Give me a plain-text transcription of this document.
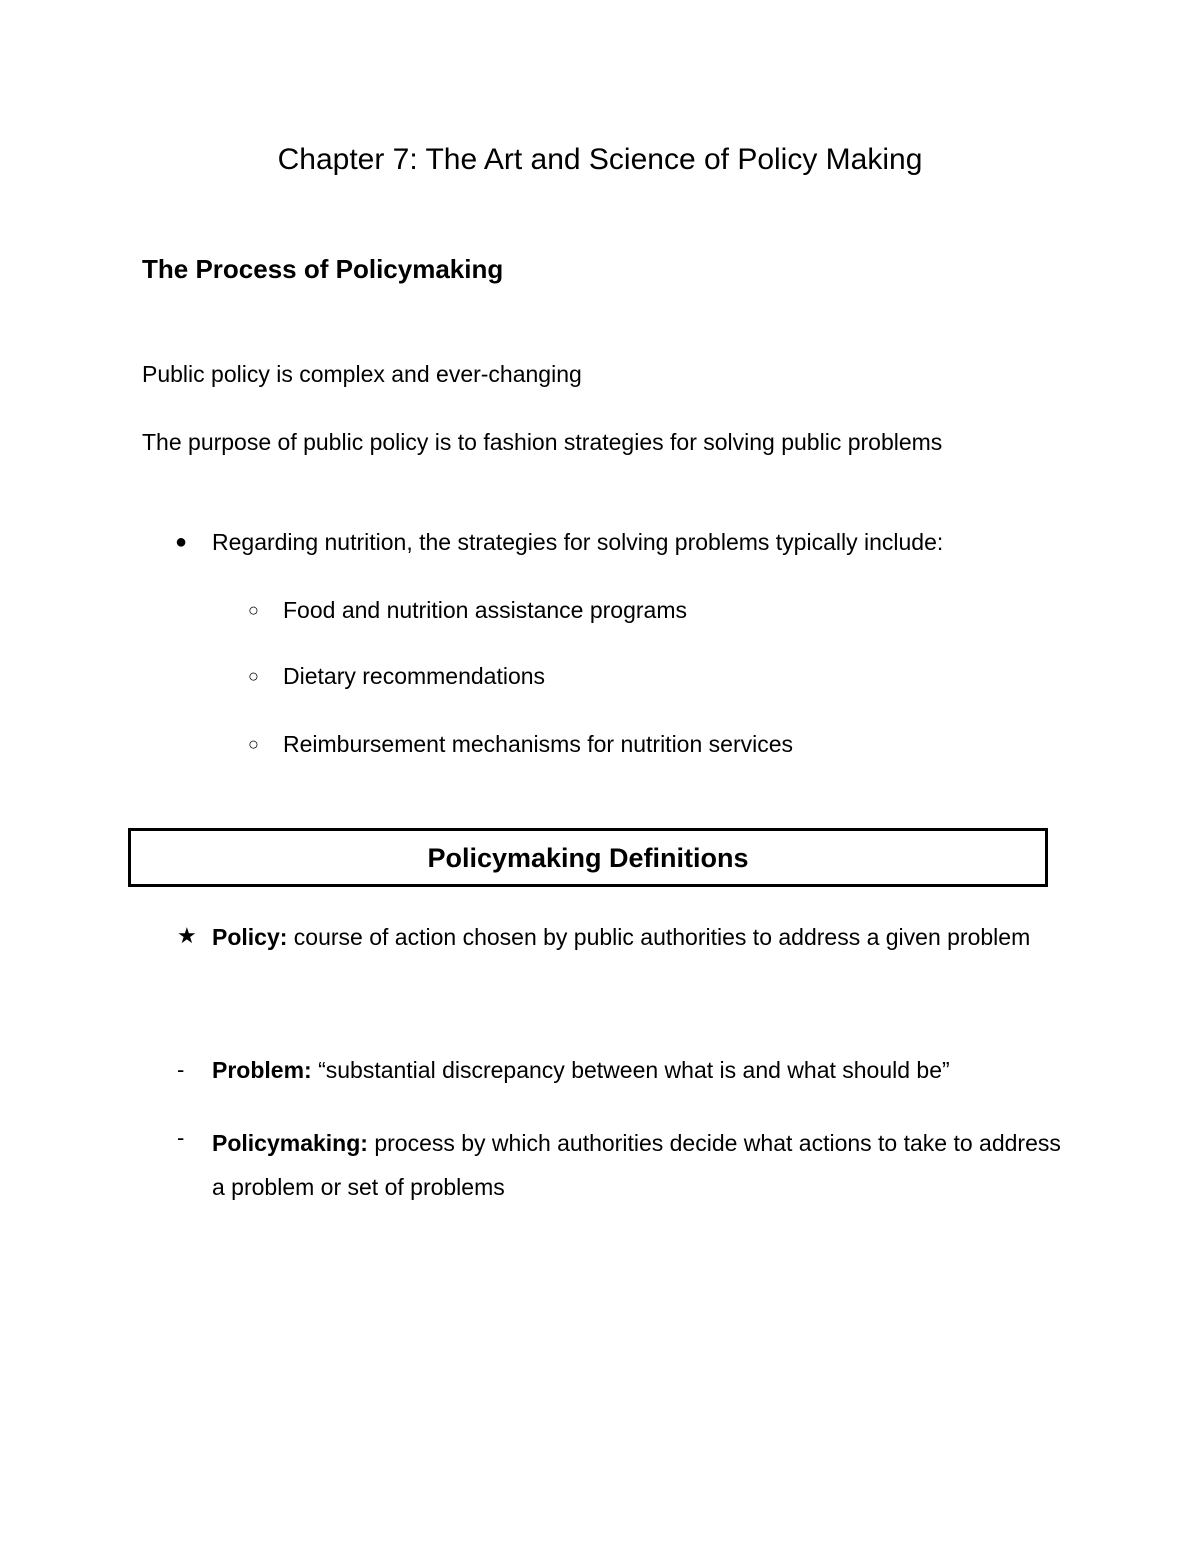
Chapter 7: The Art and Science of Policy Making
The Process of Policymaking
Public policy is complex and ever-changing
The purpose of public policy is to fashion strategies for solving public problems
● Regarding nutrition, the strategies for solving problems typically include:
○ Food and nutrition assistance programs
○ Dietary recommendations
○ Reimbursement mechanisms for nutrition services
Policymaking Definitions
★ Policy: course of action chosen by public authorities to address a given problem
- Problem: “substantial discrepancy between what is and what should be”
- Policymaking: process by which authorities decide what actions to take to address a problem or set of problems
